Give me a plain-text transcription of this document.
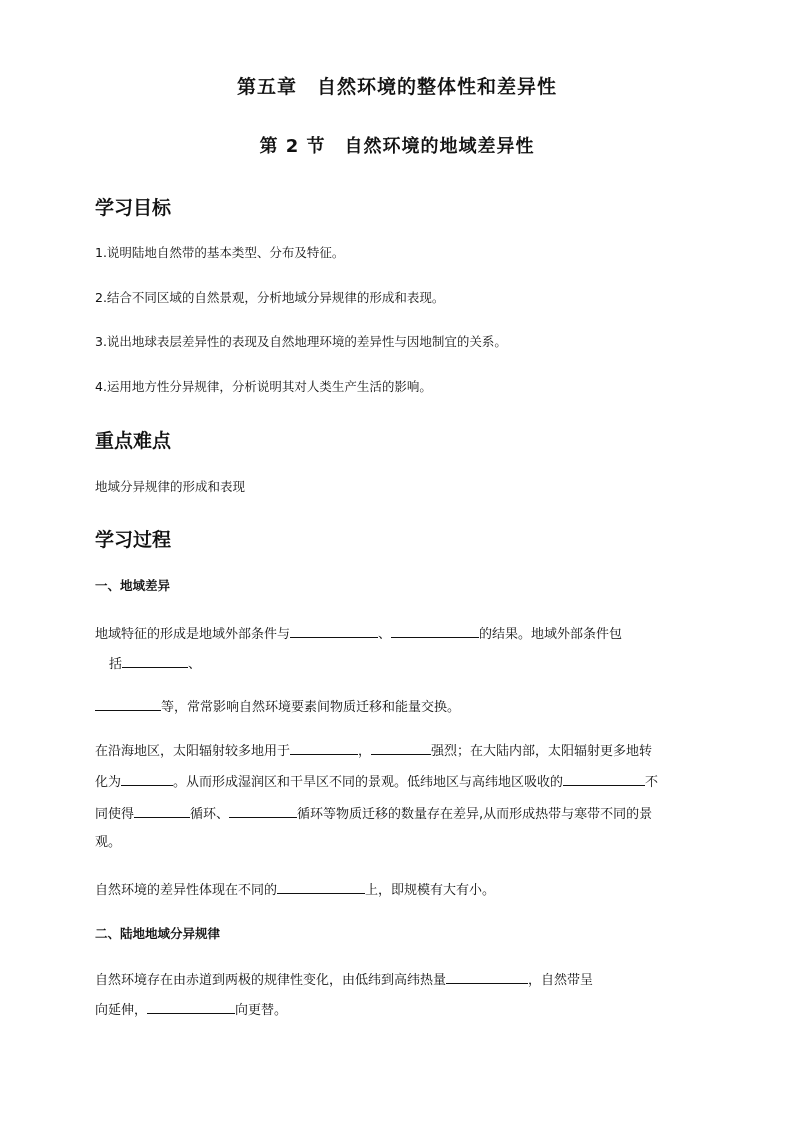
第五章　自然环境的整体性和差异性
第 2 节　自然环境的地域差异性
学习目标
1.说明陆地自然带的基本类型、分布及特征。
2.结合不同区域的自然景观，分析地域分异规律的形成和表现。
3.说出地球表层差异性的表现及自然地理环境的差异性与因地制宜的关系。
4.运用地方性分异规律，分析说明其对人类生产生活的影响。
重点难点
地域分异规律的形成和表现
学习过程
一、地域差异
地域特征的形成是地域外部条件与	、	的结果。地域外部条件包
括	、
等，常常影响自然环境要素间物质迁移和能量交换。
在沿海地区，太阳辐射较多地用于	，	强烈；在大陆内部，太阳辐射更多地转
化为	。从而形成湿润区和干旱区不同的景观。低纬地区与高纬地区吸收的	不
同使得	循环、	循环等物质迁移的数量存在差异,从而形成热带与寒带不同的景
观。
自然环境的差异性体现在不同的	上，即规模有大有小。
二、陆地地域分异规律
自然环境存在由赤道到两极的规律性变化，由低纬到高纬热量	，自然带呈
向延伸，	向更替。
